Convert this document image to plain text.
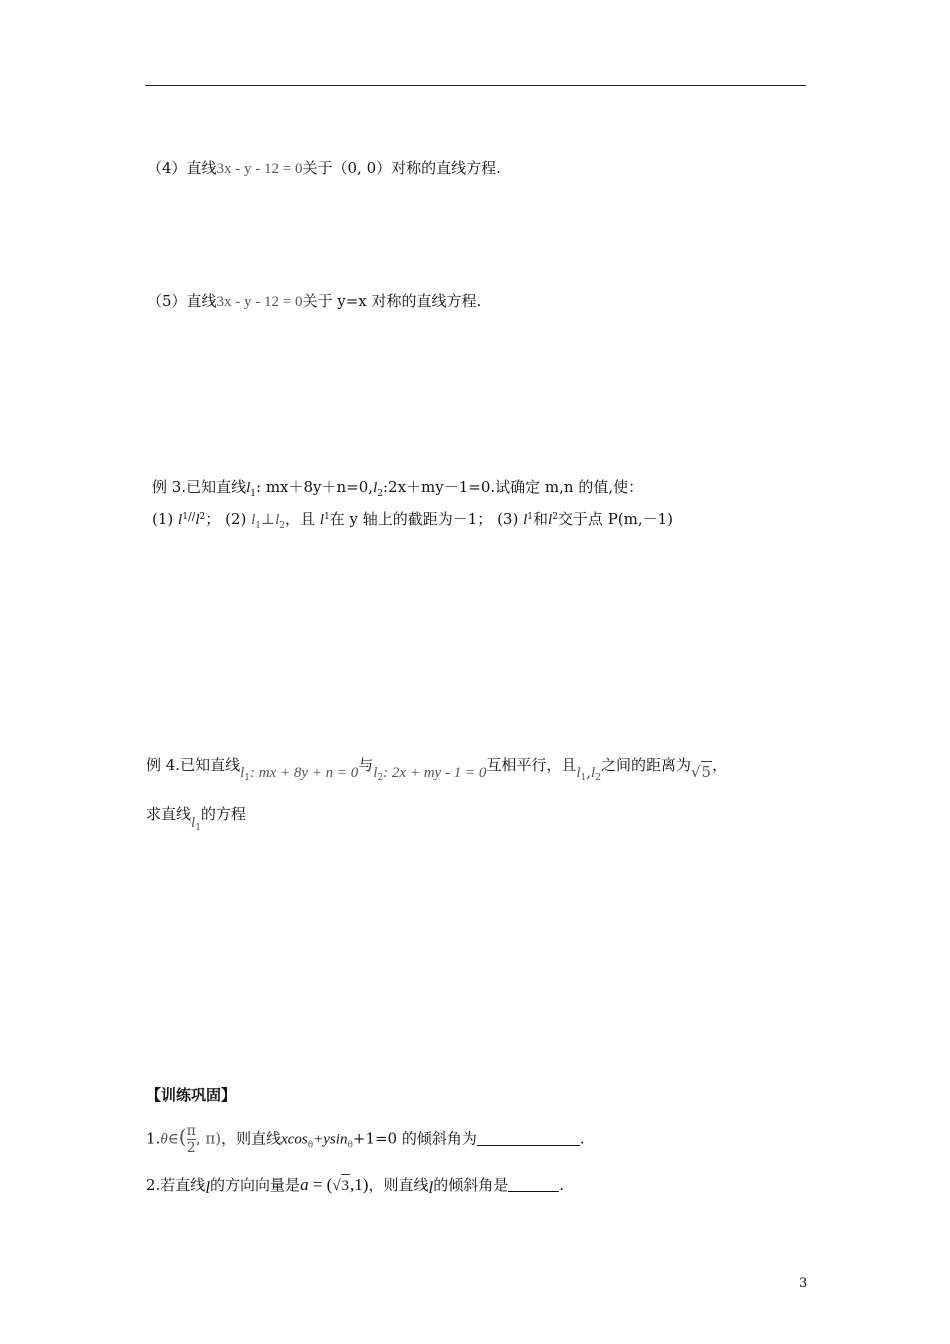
（4）直线3x - y - 12 = 0关于（0, 0）对称的直线方程.
（5）直线3x - y - 12 = 0关于 y=x 对称的直线方程.
例 3.已知直线$l_1$: $mx+8y+n=0,l_2:2x+my-1=0$.试确定 m,n 的值,使：
(1) $l^{1//}l^2$； (2) $l_1\perp l_2$，且 $l^1$在 y 轴上的截距为－1； (3) $l^1$和$l^2$交于点 P(m,－1)
例 4.已知直线$l_1$: mx + 8y + n = 0与$l_2$: 2x + my - 1 = 0互相平行，且$l_1,l_2$之间的距离为√5，
求直线$l_1$的方程
【训练巩固】
1.θ∈( $\frac{\pi}{2}$ , π)，则直线xcos$_\theta$+ysin$_\theta$+1=0 的倾斜角为	.
2.若直线l的方向向量是a = (√3,1)，则直线l的倾斜角是	.
3
